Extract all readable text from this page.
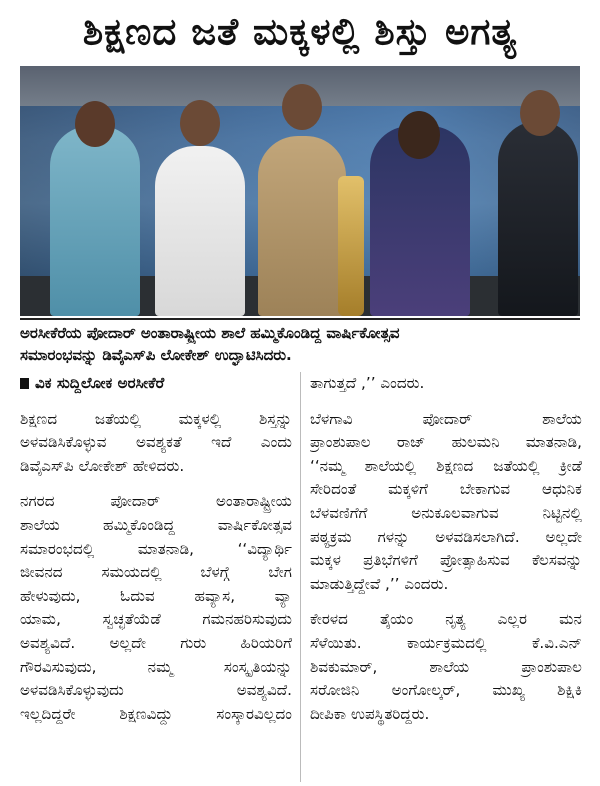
ಶಿಕ್ಷಣದ ಜತೆ ಮಕ್ಕಳಲ್ಲಿ ಶಿಸ್ತು ಅಗತ್ಯ
ಅರಸೀಕೆರೆಯ ಪೋದಾರ್ ಅಂತಾರಾಷ್ಟ್ರೀಯ ಶಾಲೆ ಹಮ್ಮಿಕೊಂಡಿದ್ದ ವಾರ್ಷಿಕೋತ್ಸವ
ಸಮಾರಂಭವನ್ನು ಡಿವೈಎಸ್‌ಪಿ ಲೋಕೇಶ್ ಉದ್ಘಾಟಿಸಿದರು.
ವಿಕ ಸುದ್ದಿಲೋಕ ಅರಸೀಕೆರೆ
ಶಿಕ್ಷಣದ ಜತೆಯಲ್ಲಿ ಮಕ್ಕಳಲ್ಲಿ ಶಿಸ್ತನ್ನು
ಅಳವಡಿಸಿಕೊಳ್ಳುವ ಅವಶ್ಯಕತೆ ಇದೆ ಎಂದು
ಡಿವೈಎಸ್‌ಪಿ ಲೋಕೇಶ್ ಹೇಳಿದರು.
ನಗರದ ಪೋದಾರ್ ಅಂತಾರಾಷ್ಟ್ರೀಯ
ಶಾಲೆಯ ಹಮ್ಮಿಕೊಂಡಿದ್ದ ವಾರ್ಷಿಕೋತ್ಸವ
ಸಮಾರಂಭದಲ್ಲಿ ಮಾತನಾಡಿ, ‘‘ವಿದ್ಯಾರ್ಥಿ
ಜೀವನದ ಸಮಯದಲ್ಲಿ ಬೆಳಗ್ಗೆ ಬೇಗ
ಹೇಳುವುದು, ಓದುವ ಹವ್ಯಾಸ, ವ್ಯಾ
ಯಾಮ, ಸ್ವಚ್ಛತೆಯೆಡೆ ಗಮನಹರಿಸುವುದು
ಅವಶ್ಯವಿದೆ. ಅಲ್ಲದೇ ಗುರು ಹಿರಿಯರಿಗೆ
ಗೌರವಿಸುವುದು, ನಮ್ಮ ಸಂಸ್ಕೃತಿಯನ್ನು
ಅಳವಡಿಸಿಕೊಳ್ಳುವುದು ಅವಶ್ಯವಿದೆ.
ಇಲ್ಲದಿದ್ದರೇ ಶಿಕ್ಷಣವಿದ್ದು ಸಂಸ್ಕಾರವಿಲ್ಲದಂ
ತಾಗುತ್ತದೆ ,’’ ಎಂದರು.
ಬೆಳಗಾವಿ ಪೋದಾರ್ ಶಾಲೆಯ
ಪ್ರಾಂಶುಪಾಲ ರಾಜ್ ಹುಲಮನಿ ಮಾತನಾಡಿ,
‘‘ನಮ್ಮ ಶಾಲೆಯಲ್ಲಿ ಶಿಕ್ಷಣದ ಜತೆಯಲ್ಲಿ ಕ್ರೀಡೆ
ಸೇರಿದಂತೆ ಮಕ್ಕಳಿಗೆ ಬೇಕಾಗುವ ಆಧುನಿಕ
ಬೆಳವಣಿಗೆಗೆ ಅನುಕೂಲವಾಗುವ ನಿಟ್ಟಿನಲ್ಲಿ
ಪಠ್ಯಕ್ರಮ ಗಳನ್ನು ಅಳವಡಿಸಲಾಗಿದೆ. ಅಲ್ಲದೇ
ಮಕ್ಕಳ ಪ್ರತಿಭೆಗಳಿಗೆ ಪ್ರೋತ್ಸಾಹಿಸುವ ಕೆಲಸವನ್ನು
ಮಾಡುತ್ತಿದ್ದೇವೆ ,’’ ಎಂದರು.
ಕೇರಳದ ತೈಯಂ ನೃತ್ಯ ಎಲ್ಲರ ಮನ
ಸೆಳೆಯಿತು. ಕಾರ್ಯಕ್ರಮದಲ್ಲಿ ಕೆ.ವಿ.ಎನ್
ಶಿವಕುಮಾರ್, ಶಾಲೆಯ ಪ್ರಾಂಶುಪಾಲ
ಸರೋಜಿನಿ ಅಂಗೋಲ್ಕರ್, ಮುಖ್ಯ ಶಿಕ್ಷಿಕಿ
ದೀಪಿಕಾ ಉಪಸ್ಥಿತರಿದ್ದರು.
